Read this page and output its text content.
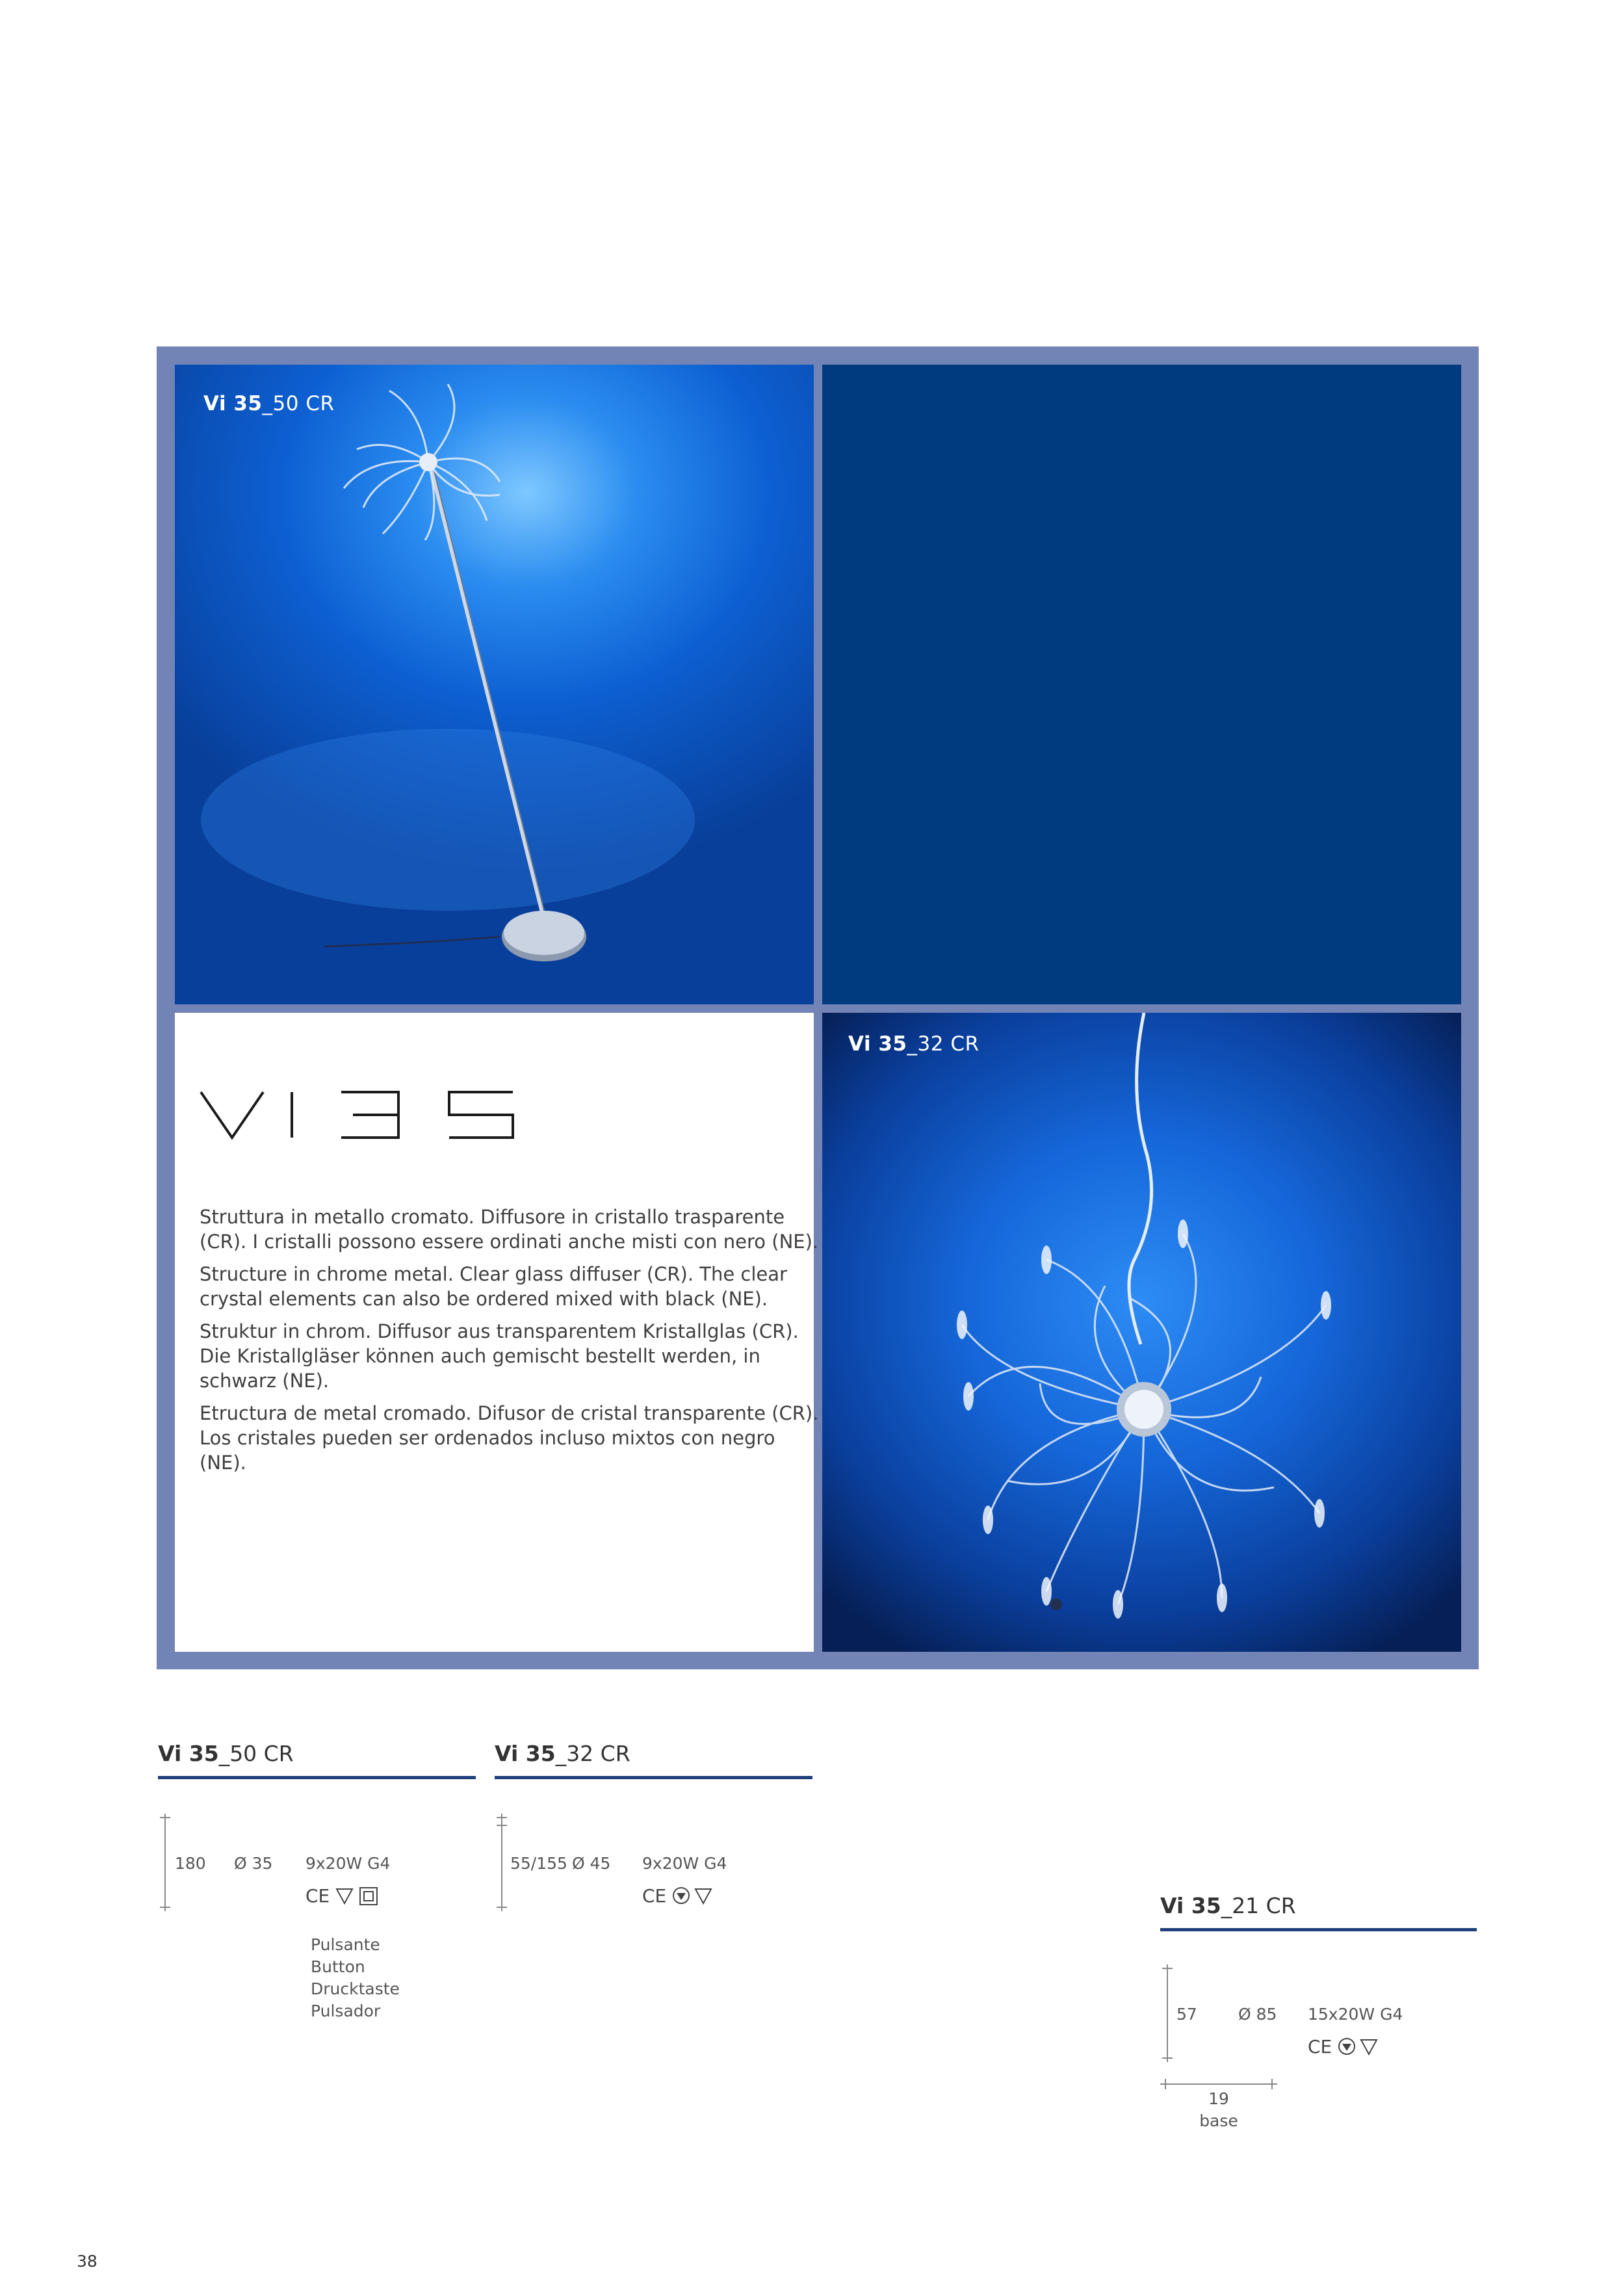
Vi 35_50 CR

Struttura in metallo cromato. Diffusore in cristallo trasparente (CR). I cristalli possono essere ordinati anche misti con nero (NE).

Structure in chrome metal. Clear glass diffuser (CR). The clear crystal elements can also be ordered mixed with black (NE).

Struktur in chrom. Diffusor aus transparentem Kristallglas (CR). Die Kristallgläser können auch gemischt bestellt werden, in schwarz (NE).

Etructura de metal cromado. Difusor de cristal transparente (CR). Los cristales pueden ser ordenados incluso mixtos con negro (NE).

Vi 35_32 CR
Vi 35_50 CR
180 Ø 35 9x20W G4
CE
Pulsante
Button
Drucktaste
Pulsador
Vi 35_32 CR
55/155 Ø 45 9x20W G4
CE	Vi 35_21 CR
57	Ø 85 15x20W G4
CE
19
base
38
